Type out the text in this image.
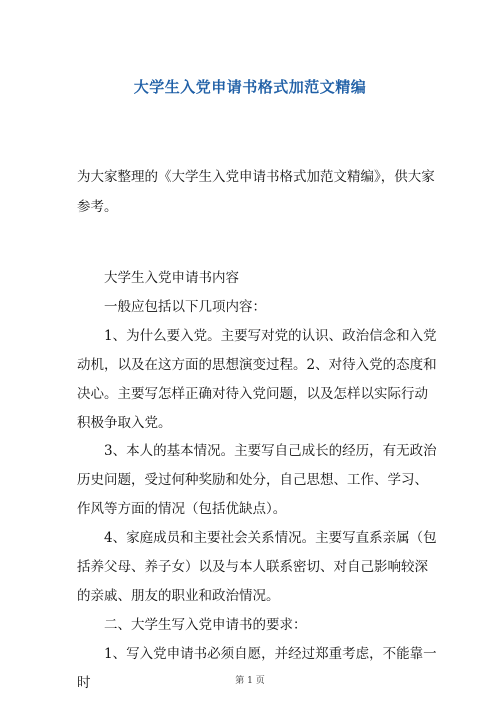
大学生入党申请书格式加范文精编
为大家整理的《大学生入党申请书格式加范文精编》，供大家参考。

大学生入党申请书内容

一般应包括以下几项内容：

1、为什么要入党。主要写对党的认识、政治信念和入党动机，以及在这方面的思想演变过程。2、对待入党的态度和决心。主要写怎样正确对待入党问题，以及怎样以实际行动积极争取入党。

3、本人的基本情况。主要写自己成长的经历，有无政治历史问题，受过何种奖励和处分，自己思想、工作、学习、作风等方面的情况（包括优缺点）。

4、家庭成员和主要社会关系情况。主要写直系亲属（包括养父母、养子女）以及与本人联系密切、对自己影响较深的亲戚、朋友的职业和政治情况。

二、大学生写入党申请书的要求：

1、写入党申请书必须自愿，并经过郑重考虑，不能靠一时	第 1 页
